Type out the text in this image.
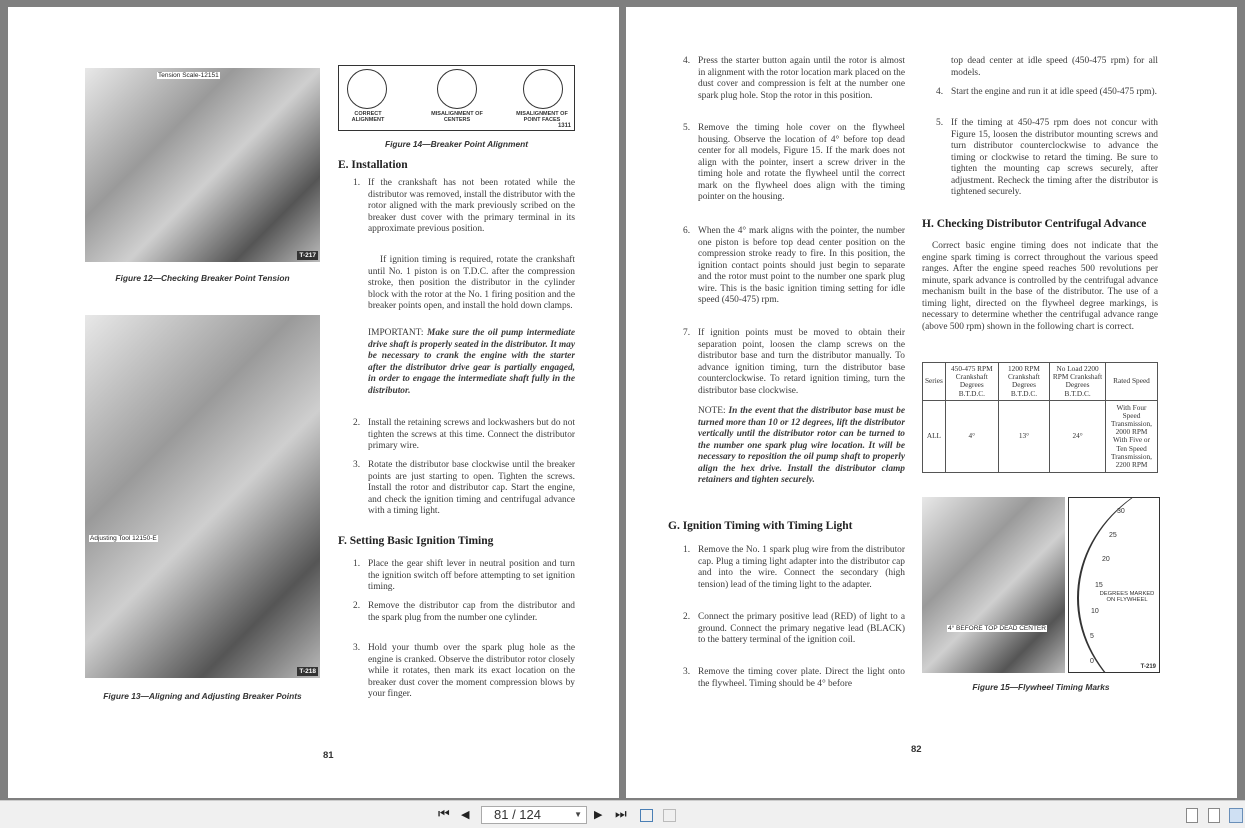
Tension Scale-12151
T-217
Figure 12—Checking Breaker Point Tension
Adjusting Tool 12150-E
T-218
Figure 13—Aligning and Adjusting Breaker Points
CORRECT ALIGNMENT
MISALIGNMENT OF CENTERS
MISALIGNMENT OF POINT FACES
1311
Figure 14—Breaker Point Alignment
E. Installation
1. If the crankshaft has not been rotated while the distributor was removed, install the distributor with the rotor aligned with the mark previously scribed on the breaker dust cover with the primary terminal in its approximate previous position.
If ignition timing is required, rotate the crankshaft until No. 1 piston is on T.D.C. after the compression stroke, then position the distributor in the cylinder block with the rotor at the No. 1 firing position and the breaker points open, and install the hold down clamps.
IMPORTANT: Make sure the oil pump intermediate drive shaft is properly seated in the distributor. It may be necessary to crank the engine with the starter after the distributor drive gear is partially engaged, in order to engage the intermediate shaft fully in the distributor.
2. Install the retaining screws and lockwashers but do not tighten the screws at this time. Connect the distributor primary wire.
3. Rotate the distributor base clockwise until the breaker points are just starting to open. Tighten the screws. Install the rotor and distributor cap. Start the engine, and check the ignition timing and centrifugal advance with a timing light.
F. Setting Basic Ignition Timing
1. Place the gear shift lever in neutral position and turn the ignition switch off before attempting to set ignition timing.
2. Remove the distributor cap from the distributor and the spark plug from the number one cylinder.
3. Hold your thumb over the spark plug hole as the engine is cranked. Observe the distributor rotor closely while it rotates, then mark its exact location on the breaker dust cover the moment compression blows by your finger.
81
4. Press the starter button again until the rotor is almost in alignment with the rotor location mark placed on the dust cover and compression is felt at the number one spark plug hole. Stop the rotor in this position.
5. Remove the timing hole cover on the flywheel housing. Observe the location of 4° before top dead center for all models, Figure 15. If the mark does not align with the pointer, insert a screw driver in the timing hole and rotate the flywheel until the correct mark on the flywheel does align with the timing pointer on the housing.
6. When the 4° mark aligns with the pointer, the number one piston is before top dead center position on the compression stroke ready to fire. In this position, the ignition contact points should just begin to separate and the rotor must point to the number one spark plug wire. This is the basic ignition timing setting for idle speed (450-475) rpm.
7. If ignition points must be moved to obtain their separation point, loosen the clamp screws on the distributor base and turn the distributor manually. To advance ignition timing, turn the distributor base counterclockwise. To retard ignition timing, turn the distributor base clockwise.
NOTE: In the event that the distributor base must be turned more than 10 or 12 degrees, lift the distributor vertically until the distributor rotor can be turned to the number one spark plug wire location. It will be necessary to reposition the oil pump shaft to properly align the hex drive. Install the distributor clamp retainers and tighten securely.
G. Ignition Timing with Timing Light
1. Remove the No. 1 spark plug wire from the distributor cap. Plug a timing light adapter into the distributor cap and into the wire. Connect the secondary (high tension) lead of the timing light to the adapter.
2. Connect the primary positive lead (RED) of light to a ground. Connect the primary negative lead (BLACK) to the battery terminal of the ignition coil.
3. Remove the timing cover plate. Direct the light onto the flywheel. Timing should be 4° before
top dead center at idle speed (450-475 rpm) for all models.
4. Start the engine and run it at idle speed (450-475 rpm).
5. If the timing at 450-475 rpm does not concur with Figure 15, loosen the distributor mounting screws and turn distributor counterclockwise to advance the timing or clockwise to retard the timing. Be sure to tighten the mounting cap screws securely, after adjustment. Recheck the timing after the distributor is tightened securely.
H. Checking Distributor Centrifugal Advance
Correct basic engine timing does not indicate that the engine spark timing is correct throughout the various speed ranges. After the engine speed reaches 500 revolutions per minute, spark advance is controlled by the centrifugal advance mechanism built in the base of the distributor. The use of a timing light, directed on the flywheel degree markings, is necessary to determine whether the centrifugal advance range (above 500 rpm) shown in the following chart is correct.
Series	450-475 RPM Crankshaft Degrees B.T.D.C.	1200 RPM Crankshaft Degrees B.T.D.C.	No Load 2200 RPM Crankshaft Degrees B.T.D.C.	Rated Speed
ALL	4°	13°	24°	With Four Speed Transmission, 2000 RPM With Five or Ten Speed Transmission, 2200 RPM
4° BEFORE TOP DEAD CENTER
30
25
20
15
10
5
0
DEGREES MARKED ON FLYWHEEL
T-219
Figure 15—Flywheel Timing Marks
82
⏮ ◀	81 / 124	▼ ▶ ⏭
